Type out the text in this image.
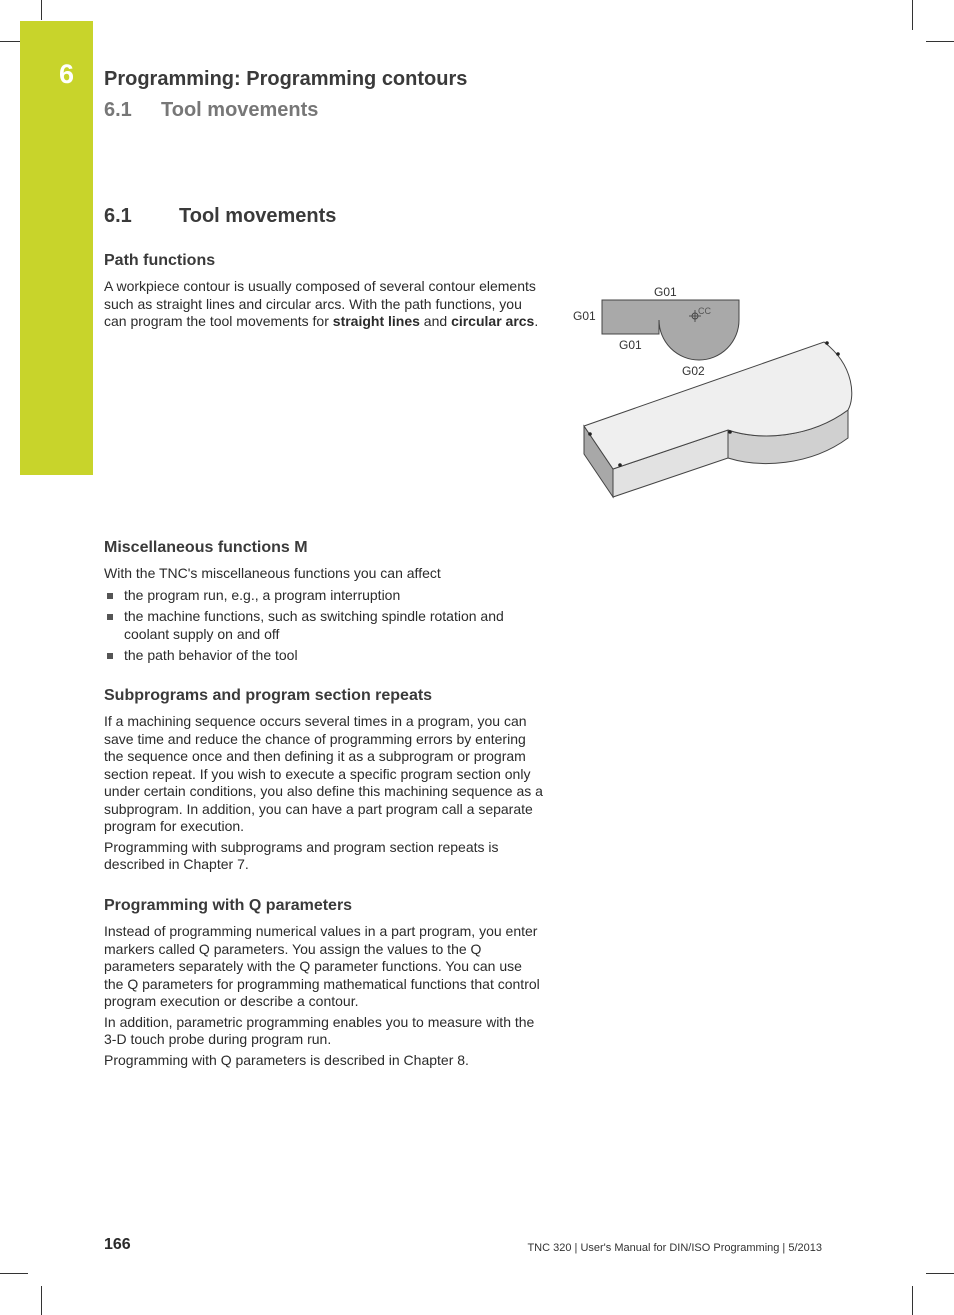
6 Programming: Programming contours
6.1 Tool movements
6.1 Tool movements
Path functions

A workpiece contour is usually composed of several contour elements such as straight lines and circular arcs. With the path functions, you can program the tool movements for straight lines and circular arcs.

CC
G01
G01
G01
G02
Miscellaneous functions M

With the TNC's miscellaneous functions you can affect

the program run, e.g., a program interruption
the machine functions, such as switching spindle rotation and coolant supply on and off
the path behavior of the tool
Subprograms and program section repeats

If a machining sequence occurs several times in a program, you can save time and reduce the chance of programming errors by entering the sequence once and then defining it as a subprogram or program section repeat. If you wish to execute a specific program section only under certain conditions, you also define this machining sequence as a subprogram. In addition, you can have a part program call a separate program for execution.

Programming with subprograms and program section repeats is described in Chapter 7.

Programming with Q parameters

Instead of programming numerical values in a part program, you enter markers called Q parameters. You assign the values to the Q parameters separately with the Q parameter functions. You can use the Q parameters for programming mathematical functions that control program execution or describe a contour.

In addition, parametric programming enables you to measure with the 3-D touch probe during program run.

Programming with Q parameters is described in Chapter 8.

166	TNC 320 | User's Manual for DIN/ISO Programming | 5/2013
